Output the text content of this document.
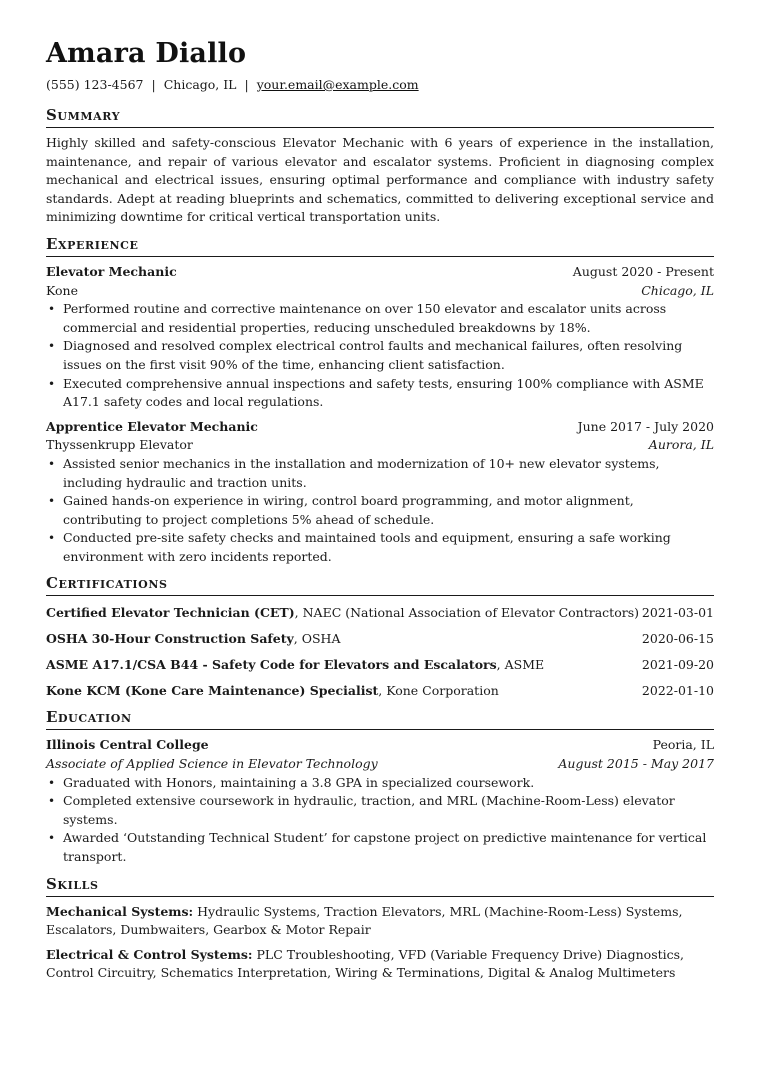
Amara Diallo
(555) 123-4567 | Chicago, IL | your.email@example.com
Summary
Highly skilled and safety-conscious Elevator Mechanic with 6 years of experience in the installation, maintenance, and repair of various elevator and escalator systems. Proficient in diagnosing complex mechanical and electrical issues, ensuring optimal performance and compliance with industry safety standards. Adept at reading blueprints and schematics, committed to delivering exceptional service and minimizing downtime for critical vertical transportation units.
Experience
Elevator Mechanic	August 2020 - Present
Kone	Chicago, IL
• Performed routine and corrective maintenance on over 150 elevator and escalator units across commercial and residential properties, reducing unscheduled breakdowns by 18%.
• Diagnosed and resolved complex electrical control faults and mechanical failures, often resolving issues on the first visit 90% of the time, enhancing client satisfaction.
• Executed comprehensive annual inspections and safety tests, ensuring 100% compliance with ASME A17.1 safety codes and local regulations.
Apprentice Elevator Mechanic	June 2017 - July 2020
Thyssenkrupp Elevator	Aurora, IL
• Assisted senior mechanics in the installation and modernization of 10+ new elevator systems, including hydraulic and traction units.
• Gained hands-on experience in wiring, control board programming, and motor alignment, contributing to project completions 5% ahead of schedule.
• Conducted pre-site safety checks and maintained tools and equipment, ensuring a safe working environment with zero incidents reported.
Certifications
Certified Elevator Technician (CET), NAEC (National Association of Elevator Contractors) 2021-03-01
OSHA 30-Hour Construction Safety, OSHA	2020-06-15
ASME A17.1/CSA B44 - Safety Code for Elevators and Escalators, ASME	2021-09-20
Kone KCM (Kone Care Maintenance) Specialist, Kone Corporation	2022-01-10
Education
Illinois Central College	Peoria, IL
Associate of Applied Science in Elevator Technology	August 2015 - May 2017
• Graduated with Honors, maintaining a 3.8 GPA in specialized coursework.
• Completed extensive coursework in hydraulic, traction, and MRL (Machine-Room-Less) elevator systems.
• Awarded ‘Outstanding Technical Student’ for capstone project on predictive maintenance for vertical transport.
Skills
Mechanical Systems: Hydraulic Systems, Traction Elevators, MRL (Machine-Room-Less) Systems, Escalators, Dumbwaiters, Gearbox & Motor Repair
Electrical & Control Systems: PLC Troubleshooting, VFD (Variable Frequency Drive) Diagnostics, Control Circuitry, Schematics Interpretation, Wiring & Terminations, Digital & Analog Multimeters
